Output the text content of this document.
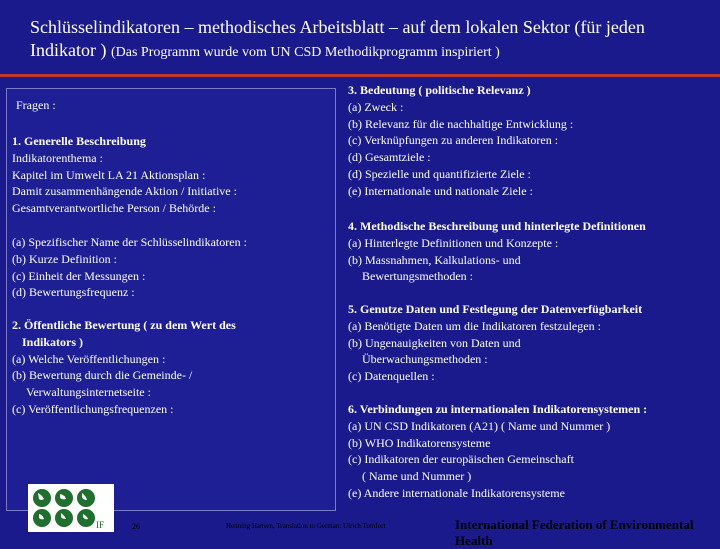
Schlüsselindikatoren – methodisches Arbeitsblatt – auf dem lokalen Sektor (für jeden Indikator ) (Das Programm wurde vom UN CSD Methodikprogramm inspiriert )
Fragen :
1. Generelle Beschreibung
Indikatorenthema :
Kapitel im Umwelt LA 21 Aktionsplan :
Damit zusammenhängende Aktion / Initiative :
Gesamtverantwortliche Person / Behörde :
(a) Spezifischer Name der Schlüsselindikatoren :
(b) Kurze Definition :
(c) Einheit der Messungen :
(d) Bewertungsfrequenz :
2. Öffentliche Bewertung ( zu dem Wert des
Indikators )
(a) Welche Veröffentlichungen :
(b) Bewertung durch die Gemeinde- /
Verwaltungsinternetseite :
(c) Veröffentlichungsfrequenzen :
3. Bedeutung ( politische Relevanz )
(a) Zweck :
(b) Relevanz für die nachhaltige Entwicklung :
(c) Verknüpfungen zu anderen Indikatoren :
(d) Gesamtziele :
(d) Spezielle und quantifizierte Ziele :
(e) Internationale und nationale Ziele :
4. Methodische Beschreibung und hinterlegte Definitionen
(a) Hinterlegte Definitionen und Konzepte :
(b) Massnahmen, Kalkulations- und
Bewertungsmethoden :
5. Genutze Daten und Festlegung der Datenverfügbarkeit
(a) Benötigte Daten um die Indikatoren festzulegen :
(b) Ungenauigkeiten von Daten und
Überwachungsmethoden :
(c) Datenquellen :
6. Verbindungen zu internationalen Indikatorensystemen :
(a) UN CSD Indikatoren (A21) ( Name und Nummer )
(b) WHO Indikatorensysteme
(c) Indikatoren der europäischen Gemeinschaft
( Name und Nummer )
(e) Andere internationale Indikatorensysteme
IF	26	Henning Hansen, Translation to German: Ulrich Tomfort	International Federation of Environmental Health
